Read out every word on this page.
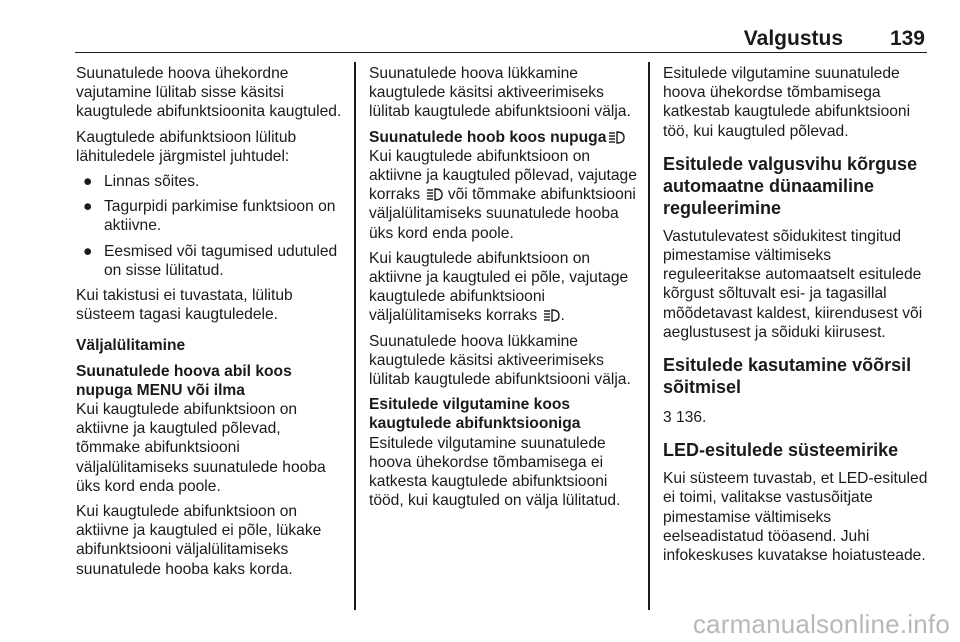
Valgustus 139

Suunatulede hoova ühekordne vajutamine lülitab sisse käsitsi kaugtulede abifunktsioonita kaugtuled.

Kaugtulede abifunktsioon lülitub lähituledele järgmistel juhtudel:

● Linnas sõites.
● Tagurpidi parkimise funktsioon on aktiivne.
● Eesmised või tagumised udutuled on sisse lülitatud.

Kui takistusi ei tuvastata, lülitub süsteem tagasi kaugtuledele.

Väljalülitamine
Suunatulede hoova abil koos nupuga MENU või ilma

Kui kaugtulede abifunktsioon on aktiivne ja kaugtuled põlevad, tõmmake abifunktsiooni väljalülitamiseks suunatulede hooba üks kord enda poole.

Kui kaugtulede abifunktsioon on aktiivne ja kaugtuled ei põle, lükake abifunktsiooni väljalülitamiseks suunatulede hooba kaks korda.

Suunatulede hoova lükkamine kaugtulede käsitsi aktiveerimiseks lülitab kaugtulede abifunktsiooni välja.

Suunatulede hoob koos nupuga

Kui kaugtulede abifunktsioon on aktiivne ja kaugtuled põlevad, vajutage korraks või tõmmake abifunktsiooni väljalülitamiseks suunatulede hooba üks kord enda poole.

Kui kaugtulede abifunktsioon on aktiivne ja kaugtuled ei põle, vajutage kaugtulede abifunktsiooni väljalülitamiseks korraks .

Suunatulede hoova lükkamine kaugtulede käsitsi aktiveerimiseks lülitab kaugtulede abifunktsiooni välja.

Esitulede vilgutamine koos kaugtulede abifunktsiooniga

Esitulede vilgutamine suunatulede hoova ühekordse tõmbamisega ei katkesta kaugtulede abifunktsiooni tööd, kui kaugtuled on välja lülitatud.

Esitulede vilgutamine suunatulede hoova ühekordse tõmbamisega katkestab kaugtulede abifunktsiooni töö, kui kaugtuled põlevad.

Esitulede valgusvihu kõrguse automaatne dünaamiline reguleerimine

Vastutulevatest sõidukitest tingitud pimestamise vältimiseks reguleeritakse automaatselt esitulede kõrgust sõltuvalt esi- ja tagasillal mõõdetavast kaldest, kiirendusest või aeglustusest ja sõiduki kiirusest.

Esitulede kasutamine võõrsil sõitmisel

3 136.

LED-esitulede süsteemirike

Kui süsteem tuvastab, et LED-esituled ei toimi, valitakse vastusõitjate pimestamise vältimiseks eelseadistatud tööasend. Juhi infokeskuses kuvatakse hoiatusteade.

carmanualsonline.info
